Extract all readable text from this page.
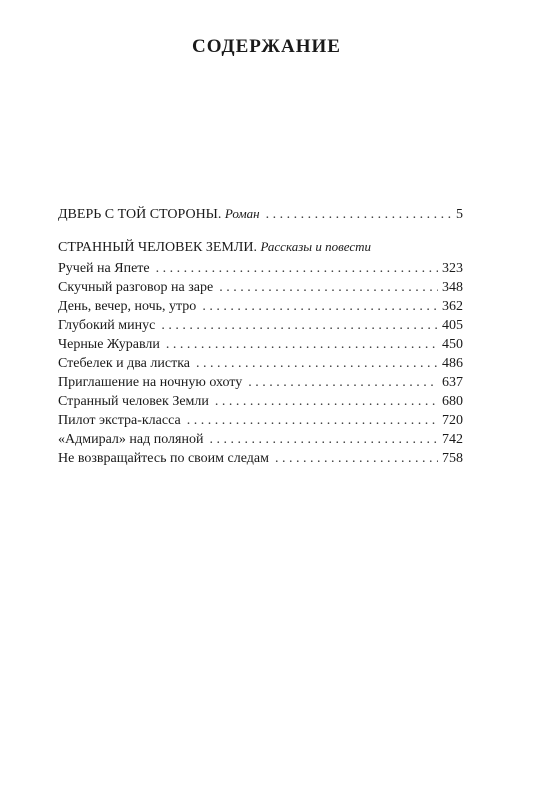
СОДЕРЖАНИЕ
ДВЕРЬ С ТОЙ СТОРОНЫ. Роман . . .	5
СТРАННЫЙ ЧЕЛОВЕК ЗЕМЛИ. Рассказы и повести
Ручей на Япете . . .	323
Скучный разговор на заре . . .	348
День, вечер, ночь, утро . . .	362
Глубокий минус . . .	405
Черные Журавли . . .	450
Стебелек и два листка . . .	486
Приглашение на ночную охоту . . .	637
Странный человек Земли . . .	680
Пилот экстра-класса . . .	720
«Адмирал» над поляной . . .	742
Не возвращайтесь по своим следам . . .	758
